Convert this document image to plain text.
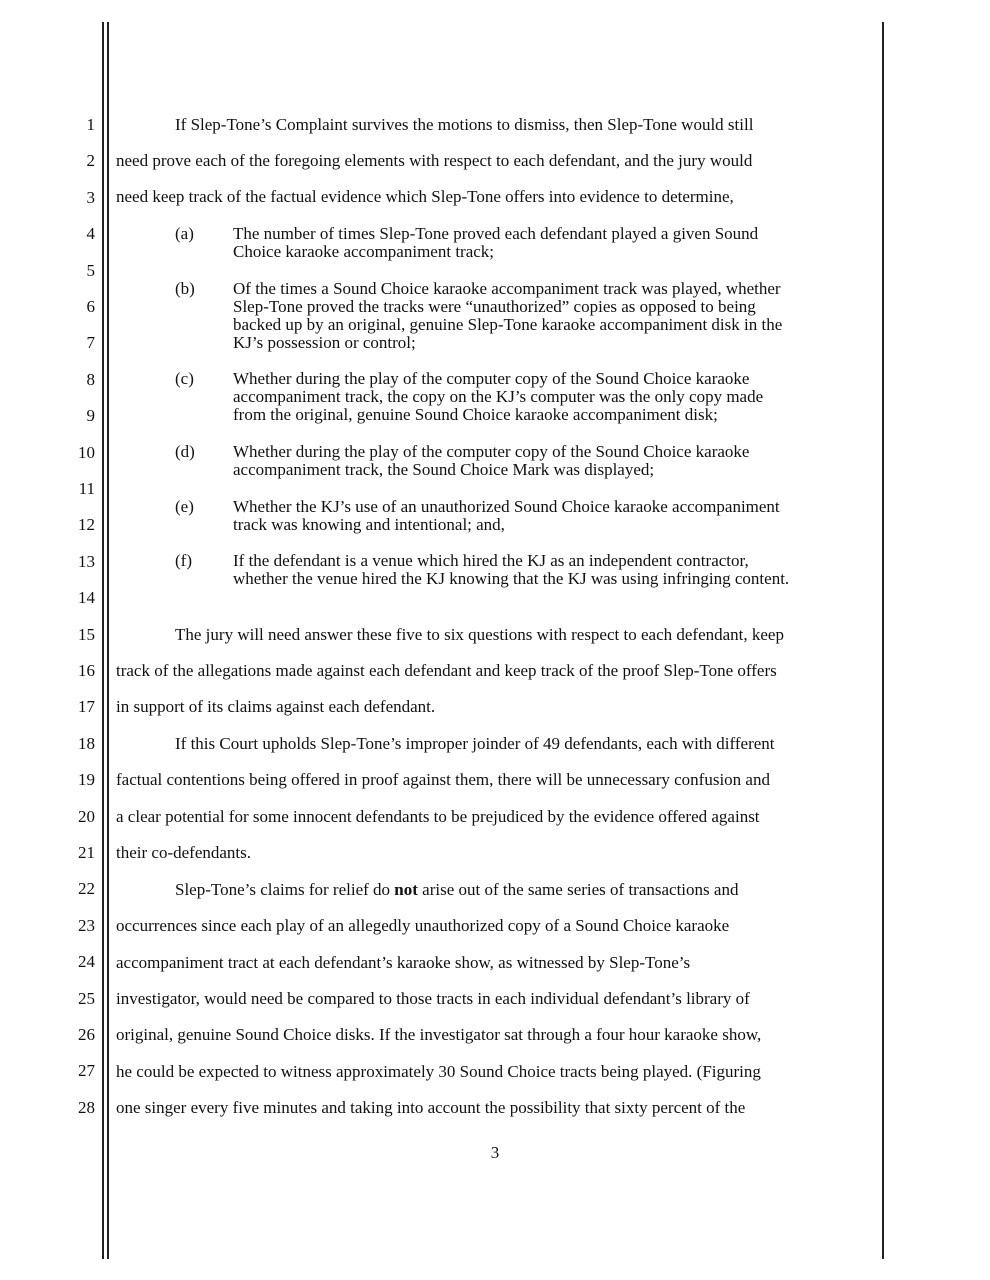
1
2
3
4
5
6
7
8
9
10
11
12
13
14
15
16
17
18
19
20
21
22
23
24
25
26
27
28
If Slep-Tone’s Complaint survives the motions to dismiss, then Slep-Tone would still
need prove each of the foregoing elements with respect to each defendant, and the jury would
need keep track of the factual evidence which Slep-Tone offers into evidence to determine,
(a) The number of times Slep-Tone proved each defendant played a given Sound
Choice karaoke accompaniment track;
(b) Of the times a Sound Choice karaoke accompaniment track was played, whether
Slep-Tone proved the tracks were “unauthorized” copies as opposed to being
backed up by an original, genuine Slep-Tone karaoke accompaniment disk in the
KJ’s possession or control;
(c) Whether during the play of the computer copy of the Sound Choice karaoke
accompaniment track, the copy on the KJ’s computer was the only copy made
from the original, genuine Sound Choice karaoke accompaniment disk;
(d) Whether during the play of the computer copy of the Sound Choice karaoke
accompaniment track, the Sound Choice Mark was displayed;
(e) Whether the KJ’s use of an unauthorized Sound Choice karaoke accompaniment
track was knowing and intentional; and,
(f) If the defendant is a venue which hired the KJ as an independent contractor,
whether the venue hired the KJ knowing that the KJ was using infringing content.
The jury will need answer these five to six questions with respect to each defendant, keep
track of the allegations made against each defendant and keep track of the proof Slep-Tone offers
in support of its claims against each defendant.
If this Court upholds Slep-Tone’s improper joinder of 49 defendants, each with different
factual contentions being offered in proof against them, there will be unnecessary confusion and
a clear potential for some innocent defendants to be prejudiced by the evidence offered against
their co-defendants.
Slep-Tone’s claims for relief do not arise out of the same series of transactions and
occurrences since each play of an allegedly unauthorized copy of a Sound Choice karaoke
accompaniment tract at each defendant’s karaoke show, as witnessed by Slep-Tone’s
investigator, would need be compared to those tracts in each individual defendant’s library of
original, genuine Sound Choice disks. If the investigator sat through a four hour karaoke show,
he could be expected to witness approximately 30 Sound Choice tracts being played. (Figuring
one singer every five minutes and taking into account the possibility that sixty percent of the
3
